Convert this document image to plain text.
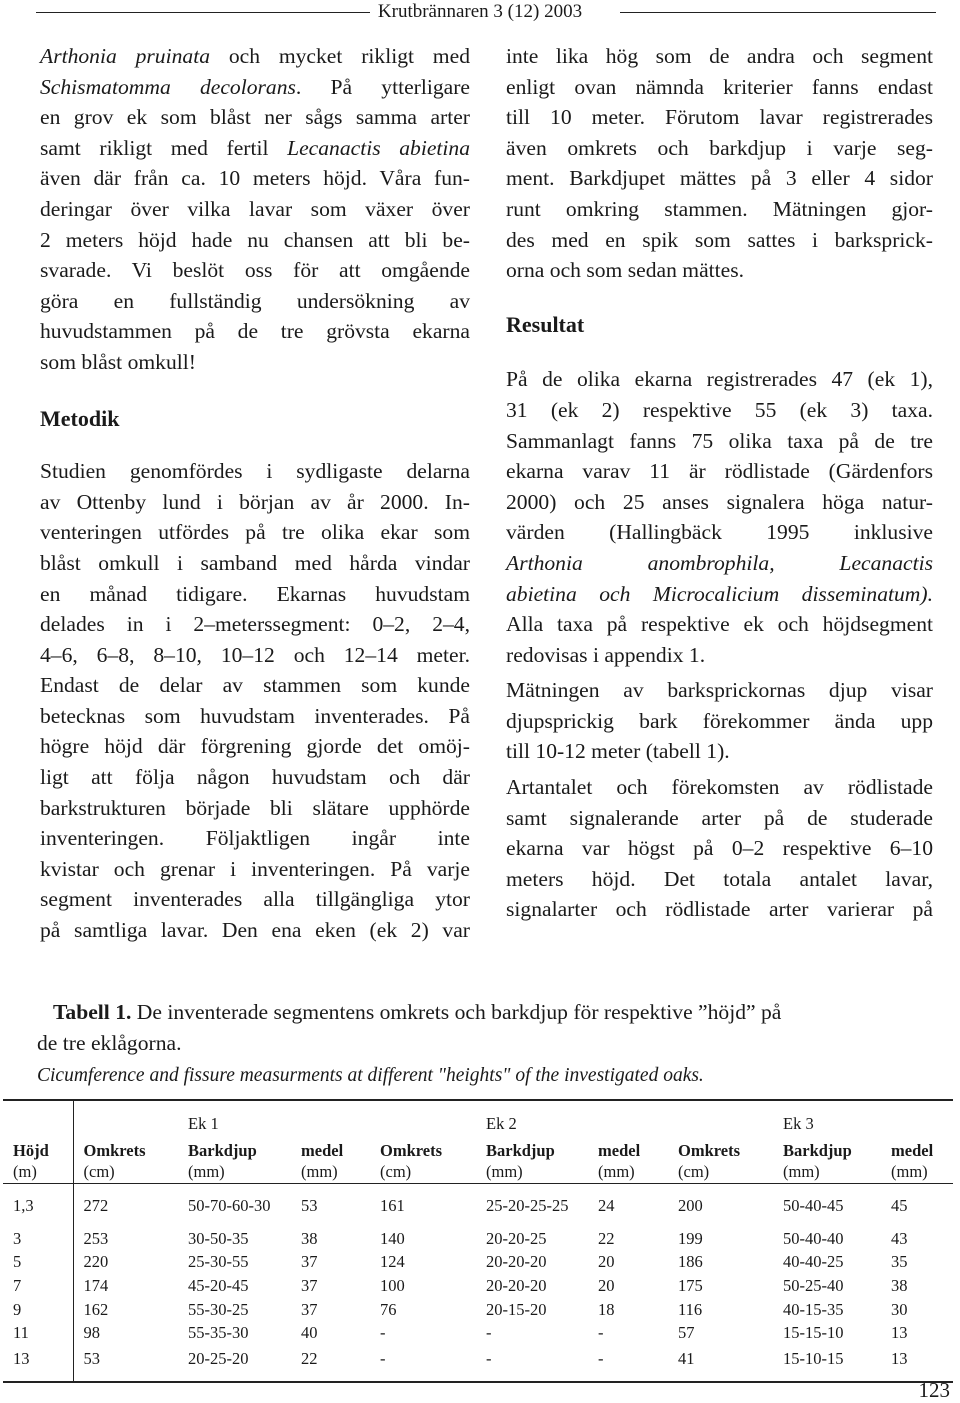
Krutbrännaren 3 (12) 2003
Arthonia pruinata och mycket rikligt med
Schismatomma decolorans. På ytterligare
en grov ek som blåst ner sågs samma arter
samt rikligt med fertil Lecanactis abietina
även där från ca. 10 meters höjd. Våra fun-
deringar över vilka lavar som växer över
2 meters höjd hade nu chansen att bli be-
svarade. Vi beslöt oss för att omgående
göra en fullständig undersökning av
huvudstammen på de tre grövsta ekarna
som blåst omkull!

Metodik

Studien genomfördes i sydligaste delarna
av Ottenby lund i början av år 2000. In-
venteringen utfördes på tre olika ekar som
blåst omkull i samband med hårda vindar
en månad tidigare. Ekarnas huvudstam
delades in i 2–meterssegment: 0–2, 2–4,
4–6, 6–8, 8–10, 10–12 och 12–14 meter.
Endast de delar av stammen som kunde
betecknas som huvudstam inventerades. På
högre höjd där förgrening gjorde det omöj-
ligt att följa någon huvudstam och där
barkstrukturen började bli slätare upphörde
inventeringen. Följaktligen ingår inte
kvistar och grenar i inventeringen. På varje
segment inventerades alla tillgängliga ytor
på samtliga lavar. Den ena eken (ek 2) var
inte lika hög som de andra och segment
enligt ovan nämnda kriterier fanns endast
till 10 meter. Förutom lavar registrerades
även omkrets och barkdjup i varje seg-
ment. Barkdjupet mättes på 3 eller 4 sidor
runt omkring stammen. Mätningen gjor-
des med en spik som sattes i barksprick-
orna och som sedan mättes.

Resultat

På de olika ekarna registrerades 47 (ek 1),
31 (ek 2) respektive 55 (ek 3) taxa.
Sammanlagt fanns 75 olika taxa på de tre
ekarna varav 11 är rödlistade (Gärdenfors
2000) och 25 anses signalera höga natur-
värden (Hallingbäck 1995 inklusive
Arthonia anombrophila, Lecanactis
abietina och Microcalicium disseminatum).
Alla taxa på respektive ek och höjdsegment
redovisas i appendix 1.
Mätningen av barksprickornas djup visar
djupsprickig bark förekommer ända upp
till 10-12 meter (tabell 1).
Artantalet och förekomsten av rödlistade
samt signalerande arter på de studerade
ekarna var högst på 0–2 respektive 6–10
meters höjd. Det totala antalet lavar,
signalarter och rödlistade arter varierar på
Tabell 1. De inventerade segmentens omkrets och barkdjup för respektive ”höjd” på
de tre eklågorna.
Cicumference and fissure measurments at different "heights" of the investigated oaks.
		Ek 1			Ek 2			Ek 3	
Höjd	Omkrets	Barkdjup	medel	Omkrets	Barkdjup	medel	Omkrets	Barkdjup	medel
(m)	(cm)	(mm)	(mm)	(cm)	(mm)	(mm)	(cm)	(mm)	(mm)
1,3	272	50-70-60-30	53	161	25-20-25-25	24	200	50-40-45	45
3	253	30-50-35	38	140	20-20-25	22	199	50-40-40	43
5	220	25-30-55	37	124	20-20-20	20	186	40-40-25	35
7	174	45-20-45	37	100	20-20-20	20	175	50-25-40	38
9	162	55-30-25	37	76	20-15-20	18	116	40-15-35	30
11	98	55-35-30	40	-	-	-	57	15-15-10	13
13	53	20-25-20	22	-	-	-	41	15-10-15	13
123
